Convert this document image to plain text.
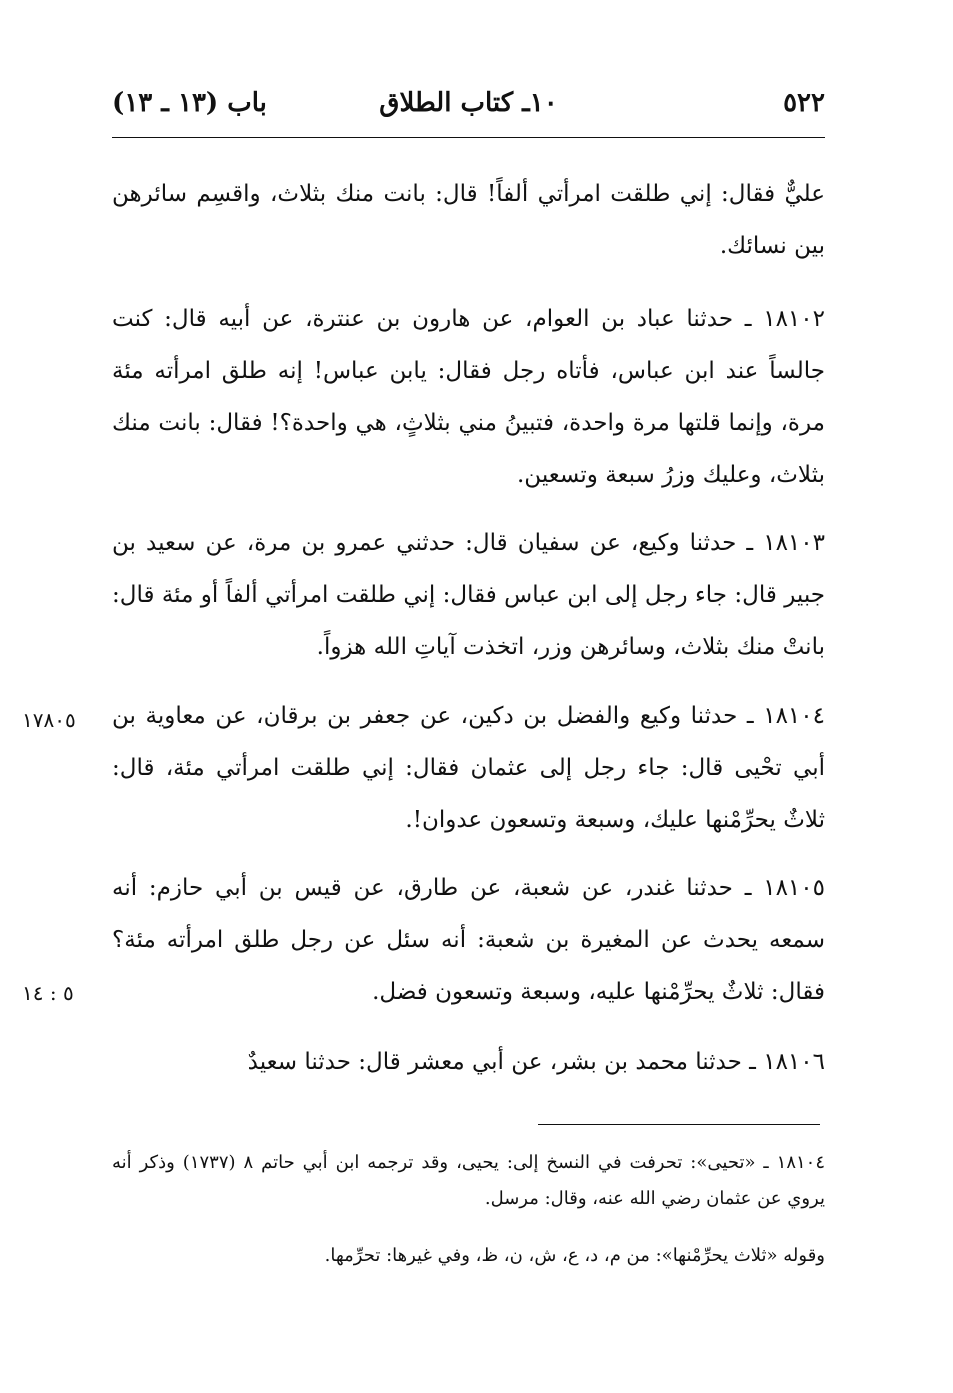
٥٢٢
١٠ـ كتاب الطلاق
باب (١٣ ـ ١٣)
عليٌّ فقال: إني طلقت امرأتي ألفاً! قال: بانت منك بثلاث، واقسِم سائرهن بين نسائك.
١٨١٠٢ ـ حدثنا عباد بن العوام، عن هارون بن عنترة، عن أبيه قال: كنت جالساً عند ابن عباس، فأتاه رجل فقال: يابن عباس! إنه طلق امرأته مئة مرة، وإنما قلتها مرة واحدة، فتبينُ مني بثلاثٍ، هي واحدة؟! فقال: بانت منك بثلاث، وعليك وزرُ سبعة وتسعين.
١٨١٠٣ ـ حدثنا وكيع، عن سفيان قال: حدثني عمرو بن مرة، عن سعيد بن جبير قال: جاء رجل إلى ابن عباس فقال: إني طلقت امرأتي ألفاً أو مئة قال: بانتْ منك بثلاث، وسائرهن وزر، اتخذت آياتِ الله هزواً.
١٨١٠٤ ـ حدثنا وكيع والفضل بن دكين، عن جعفر بن برقان، عن معاوية بن أبي تحْيى قال: جاء رجل إلى عثمان فقال: إني طلقت امرأتي مئة، قال: ثلاثٌ يحرِّمْنها عليك، وسبعة وتسعون عدوان!.
١٨١٠٥ ـ حدثنا غندر، عن شعبة، عن طارق، عن قيس بن أبي حازم: أنه سمعه يحدث عن المغيرة بن شعبة: أنه سئل عن رجل طلق امرأته مئة؟ فقال: ثلاثٌ يحرِّمْنها عليه، وسبعة وتسعون فضل.
١٨١٠٦ ـ حدثنا محمد بن بشر، عن أبي معشر قال: حدثنا سعيدٌ
١٧٨٠٥
٥ : ١٤
١٨١٠٤ ـ «تحيى»: تحرفت في النسخ إلى: يحيى، وقد ترجمه ابن أبي حاتم ٨ (١٧٣٧) وذكر أنه يروي عن عثمان رضي الله عنه، وقال: مرسل.
وقوله «ثلاث يحرِّمْنها»: من م، د، ع، ش، ن، ظ، وفي غيرها: تحرِّمها.
